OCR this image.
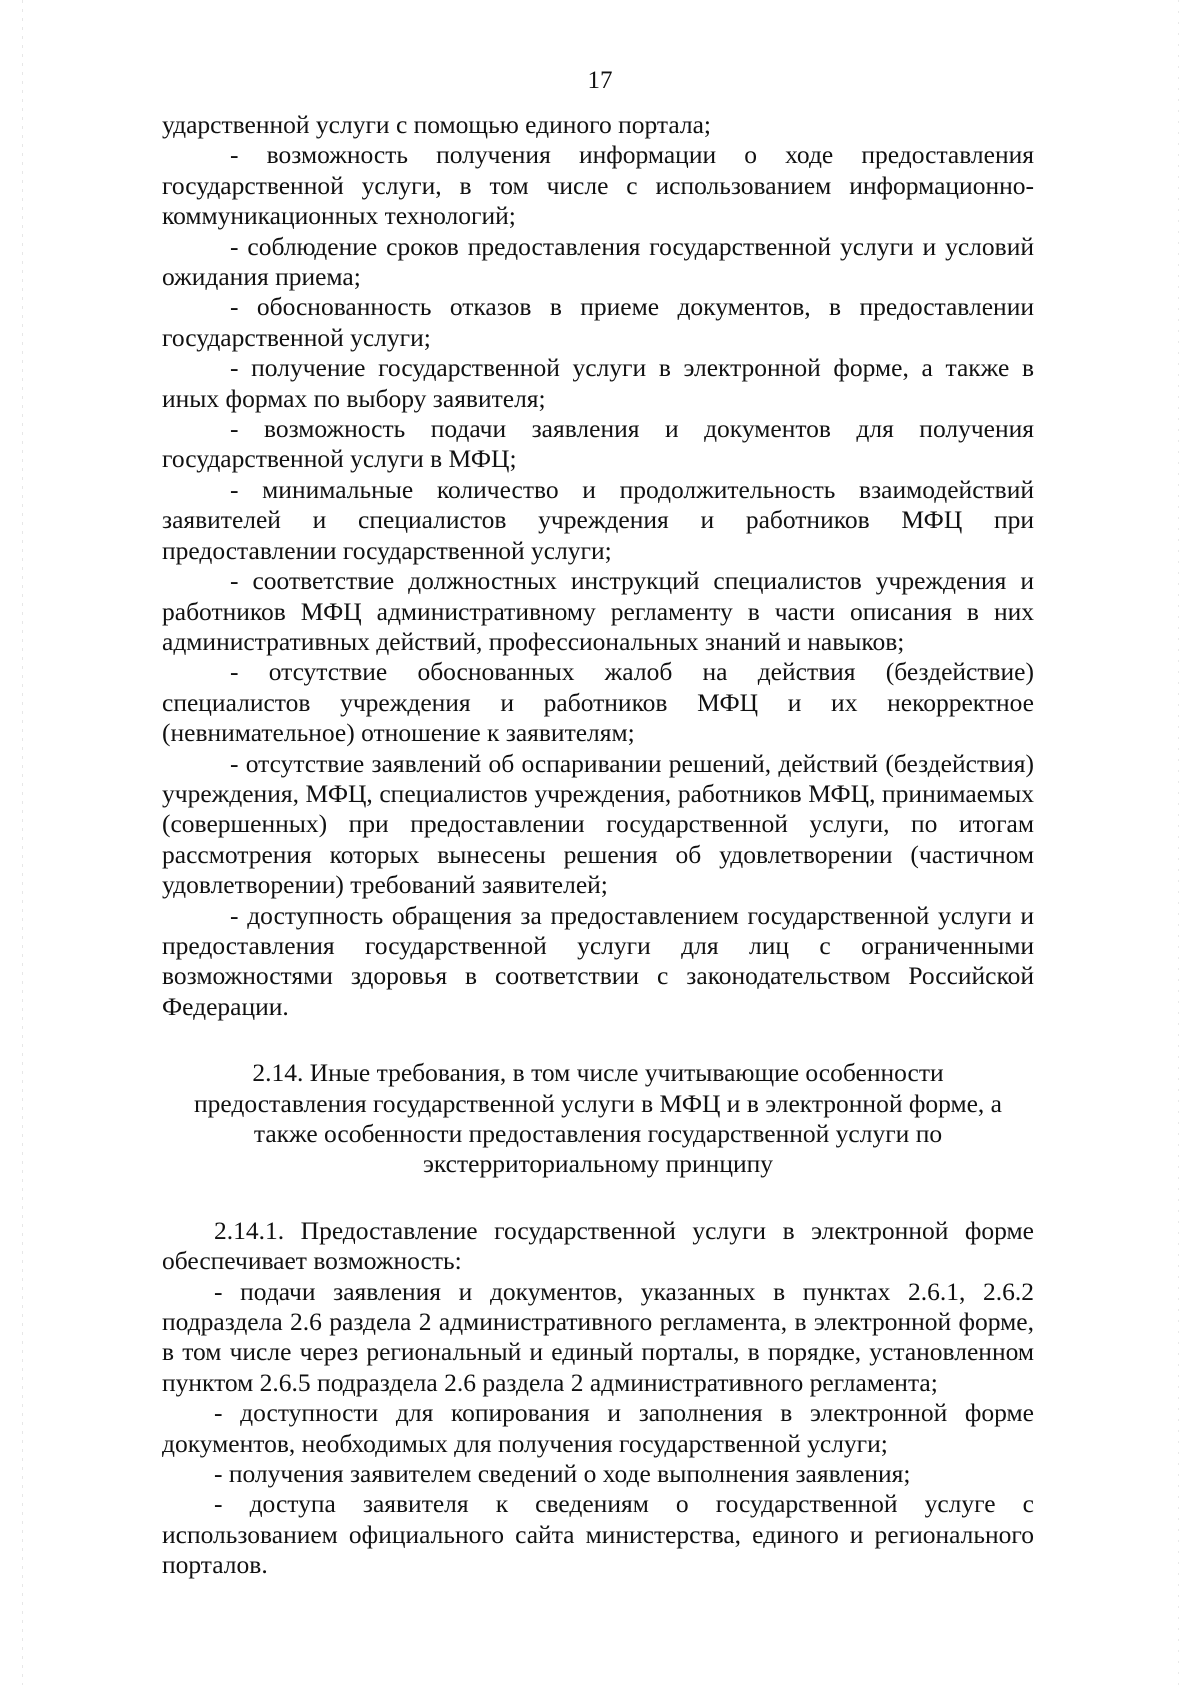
17

ударственной услуги с помощью единого портала;

- возможность получения информации о ходе предоставления государственной услуги, в том числе с использованием информационно-коммуникационных технологий;

- соблюдение сроков предоставления государственной услуги и условий ожидания приема;

- обоснованность отказов в приеме документов, в предоставлении государственной услуги;

- получение государственной услуги в электронной форме, а также в иных формах по выбору заявителя;

- возможность подачи заявления и документов для получения государственной услуги в МФЦ;

- минимальные количество и продолжительность взаимодействий заявителей и специалистов учреждения и работников МФЦ при предоставлении государственной услуги;

- соответствие должностных инструкций специалистов учреждения и работников МФЦ административному регламенту в части описания в них административных действий, профессиональных знаний и навыков;

- отсутствие обоснованных жалоб на действия (бездействие) специалистов учреждения и работников МФЦ и их некорректное (невнимательное) отношение к заявителям;

- отсутствие заявлений об оспаривании решений, действий (бездействия) учреждения, МФЦ, специалистов учреждения, работников МФЦ, принимаемых (совершенных) при предоставлении государственной услуги, по итогам рассмотрения которых вынесены решения об удовлетворении (частичном удовлетворении) требований заявителей;

- доступность обращения за предоставлением государственной услуги и предоставления государственной услуги для лиц с ограниченными возможностями здоровья в соответствии с законодательством Российской Федерации.

2.14. Иные требования, в том числе учитывающие особенности предоставления государственной услуги в МФЦ и в электронной форме, а также особенности предоставления государственной услуги по экстерриториальному принципу

2.14.1. Предоставление государственной услуги в электронной форме обеспечивает возможность:

- подачи заявления и документов, указанных в пунктах 2.6.1, 2.6.2 подраздела 2.6 раздела 2 административного регламента, в электронной форме, в том числе через региональный и единый порталы, в порядке, установленном пунктом 2.6.5 подраздела 2.6 раздела 2 административного регламента;

- доступности для копирования и заполнения в электронной форме документов, необходимых для получения государственной услуги;

- получения заявителем сведений о ходе выполнения заявления;

- доступа заявителя к сведениям о государственной услуге с использованием официального сайта министерства, единого и регионального порталов.
